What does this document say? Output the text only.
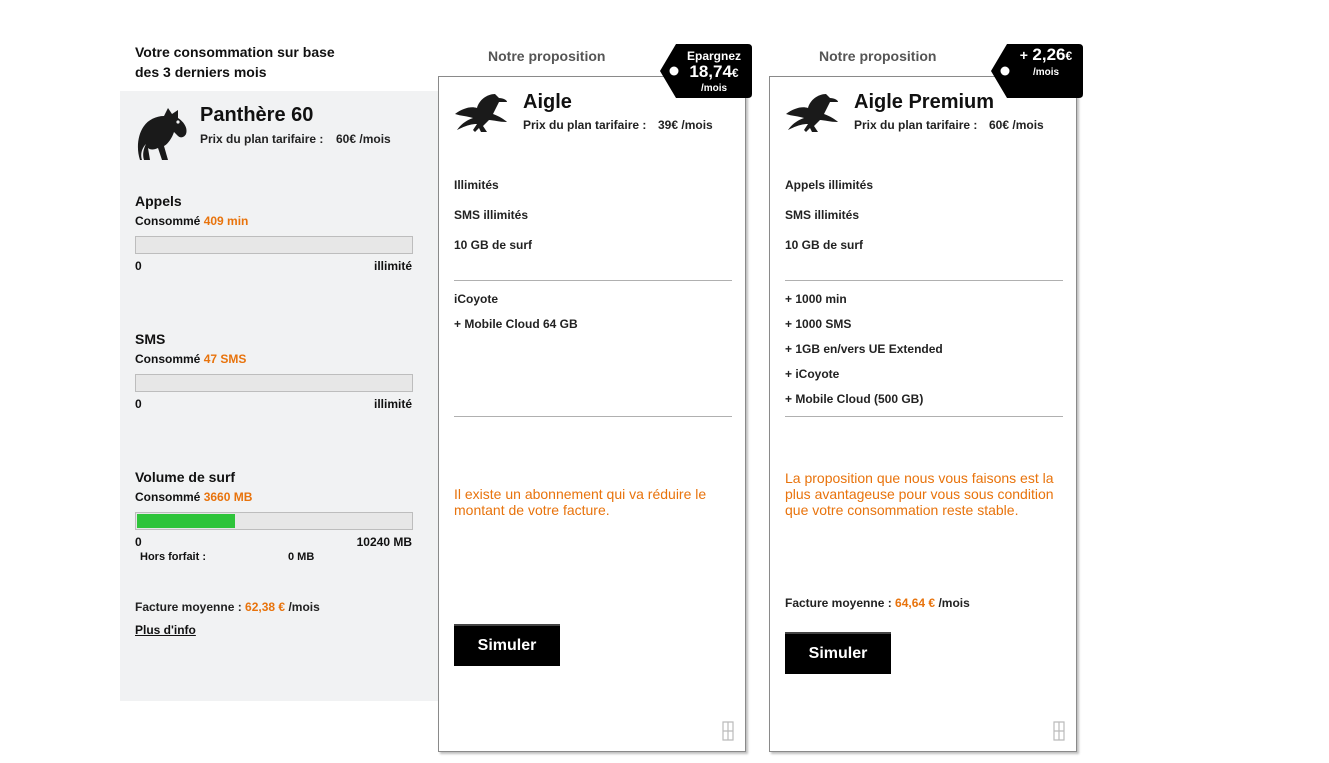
Votre consommation sur base
des 3 derniers mois
Panthère 60
Prix du plan tarifaire : 60€ /mois
Appels
Consommé 409 min
0	illimité
SMS
Consommé 47 SMS
0	illimité
Volume de surf
Consommé 3660 MB
0	10240 MB
Hors forfait :	0 MB
Facture moyenne : 62,38 € /mois
Plus d'info
Notre proposition	Epargnez
18,74€
/mois
Aigle
Prix du plan tarifaire : 39€ /mois
Illimités
SMS illimités
10 GB de surf
iCoyote
+ Mobile Cloud 64 GB
Il existe un abonnement qui va réduire le montant de votre facture.
Simuler
Notre proposition	+ 2,26€
/mois
Aigle Premium
Prix du plan tarifaire : 60€ /mois
Appels illimités
SMS illimités
10 GB de surf
+ 1000 min
+ 1000 SMS
+ 1GB en/vers UE Extended
+ iCoyote
+ Mobile Cloud (500 GB)
La proposition que nous vous faisons est la plus avantageuse pour vous sous condition que votre consommation reste stable.
Facture moyenne : 64,64 € /mois
Simuler
